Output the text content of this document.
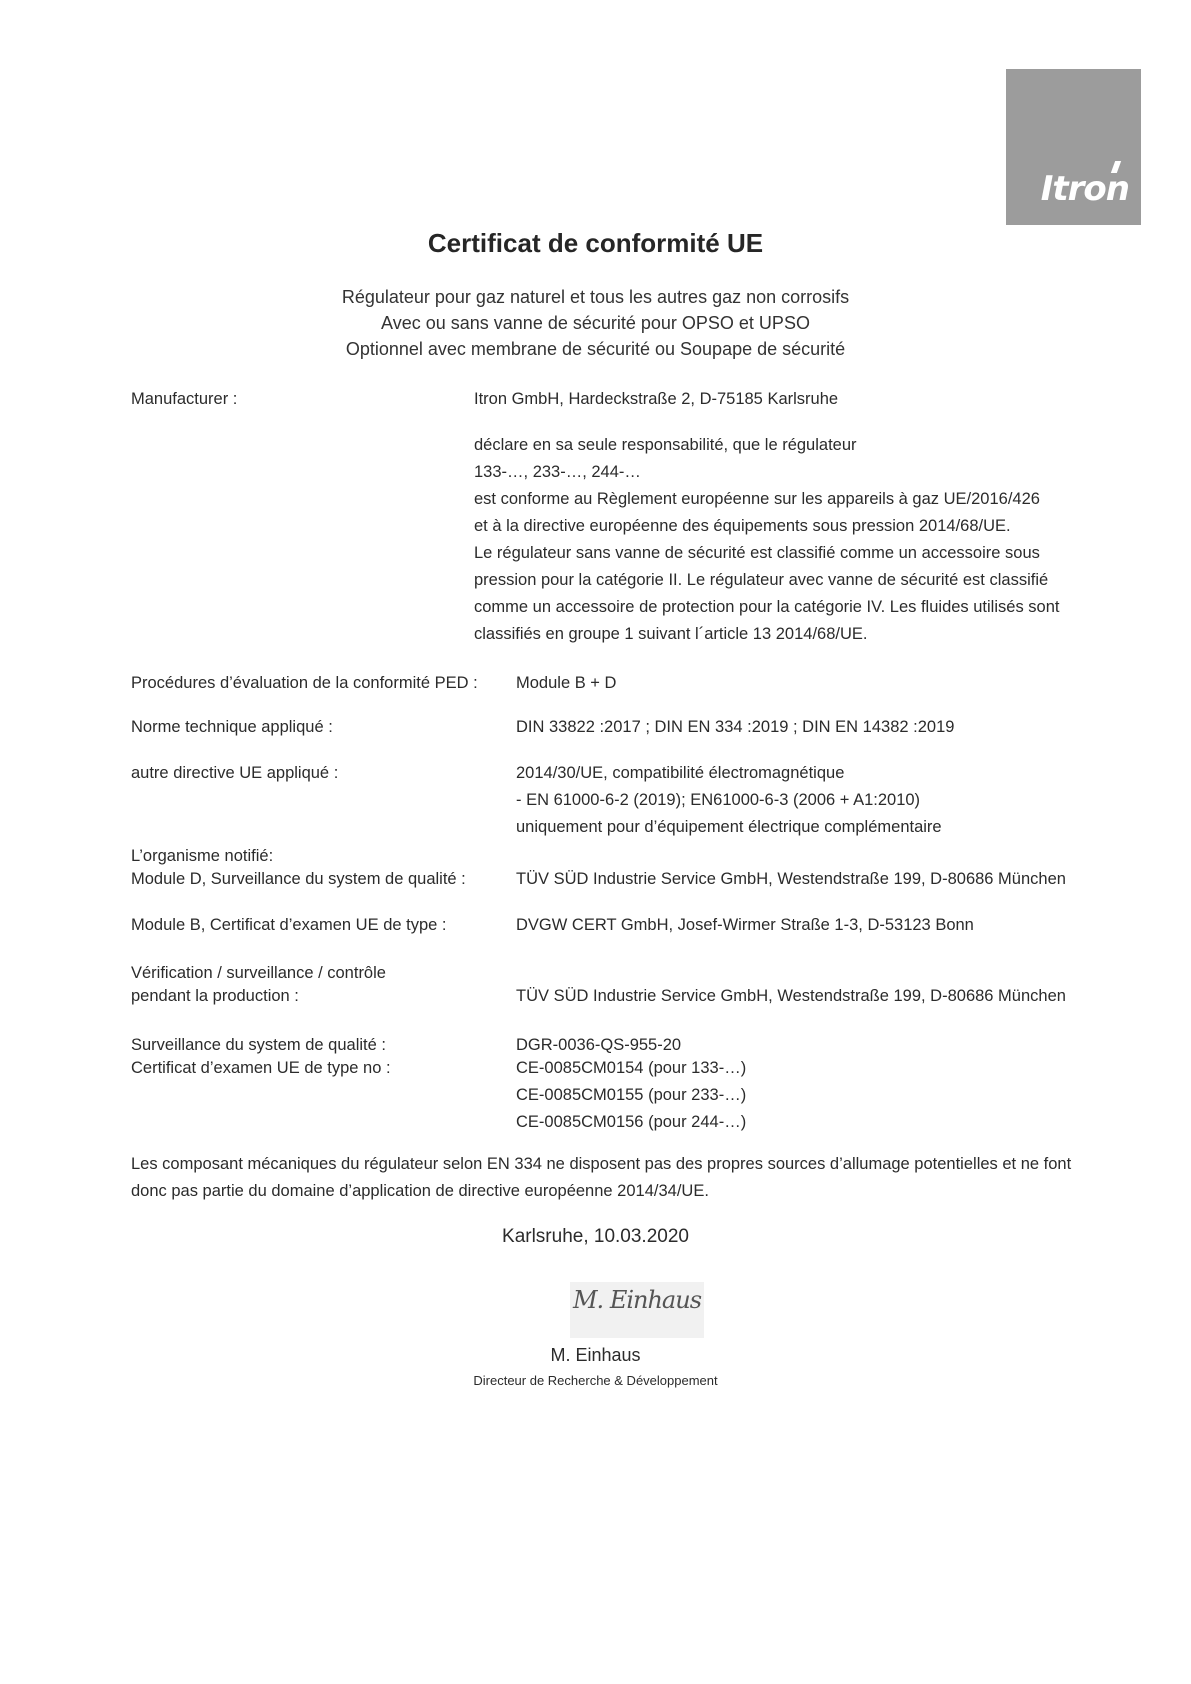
Itron
Certificat de conformité UE
Régulateur pour gaz naturel et tous les autres gaz non corrosifs
Avec ou sans vanne de sécurité pour OPSO et UPSO
Optionnel avec membrane de sécurité ou Soupape de sécurité
Manufacturer :	Itron GmbH, Hardeckstraße 2, D-75185 Karlsruhe
déclare en sa seule responsabilité, que le régulateur
133-…, 233-…, 244-…
est conforme au Règlement européenne sur les appareils à gaz UE/2016/426
et à la directive européenne des équipements sous pression 2014/68/UE.
Le régulateur sans vanne de sécurité est classifié comme un accessoire sous
pression pour la catégorie II. Le régulateur avec vanne de sécurité est classifié
comme un accessoire de protection pour la catégorie IV. Les fluides utilisés sont
classifiés en groupe 1 suivant l´article 13 2014/68/UE.
Procédures d’évaluation de la conformité PED : Module B + D
Norme technique appliqué :	DIN 33822 :2017 ; DIN EN 334 :2019 ; DIN EN 14382 :2019
autre directive UE appliqué :	2014/30/UE, compatibilité électromagnétique
- EN 61000-6-2 (2019); EN61000-6-3 (2006 + A1:2010)
uniquement pour d’équipement électrique complémentaire
L’organisme notifié:
Module D, Surveillance du system de qualité :	TÜV SÜD Industrie Service GmbH, Westendstraße 199, D-80686 München
Module B, Certificat d’examen UE de type :	DVGW CERT GmbH, Josef-Wirmer Straße 1-3, D-53123 Bonn
Vérification / surveillance / contrôle
pendant la production :	TÜV SÜD Industrie Service GmbH, Westendstraße 199, D-80686 München
Surveillance du system de qualité :	DGR-0036-QS-955-20
Certificat d’examen UE de type no :	CE-0085CM0154 (pour 133-…)
CE-0085CM0155 (pour 233-…)
CE-0085CM0156 (pour 244-…)
Les composant mécaniques du régulateur selon EN 334 ne disposent pas des propres sources d’allumage potentielles et ne font
donc pas partie du domaine d’application de directive européenne 2014/34/UE.
Karlsruhe, 10.03.2020
M. Einhaus
M. Einhaus
Directeur de Recherche & Développement
